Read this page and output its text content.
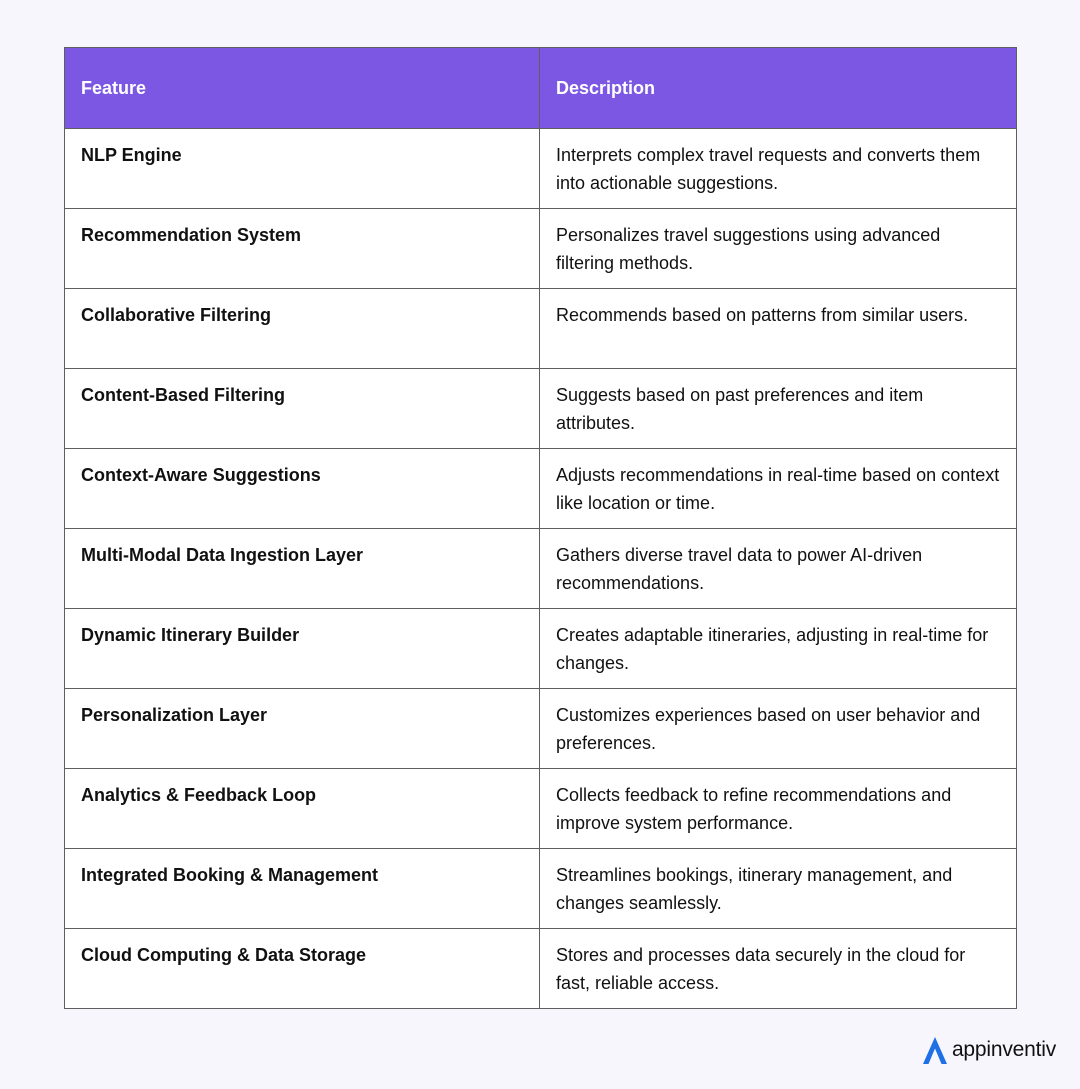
Feature	Description
NLP Engine	Interprets complex travel requests and converts them into actionable suggestions.
Recommendation System	Personalizes travel suggestions using advanced filtering methods.
Collaborative Filtering	Recommends based on patterns from similar users.
Content-Based Filtering	Suggests based on past preferences and item attributes.
Context-Aware Suggestions	Adjusts recommendations in real-time based on context like location or time.
Multi-Modal Data Ingestion Layer	Gathers diverse travel data to power AI-driven recommendations.
Dynamic Itinerary Builder	Creates adaptable itineraries, adjusting in real-time for changes.
Personalization Layer	Customizes experiences based on user behavior and preferences.
Analytics & Feedback Loop	Collects feedback to refine recommendations and improve system performance.
Integrated Booking & Management	Streamlines bookings, itinerary management, and changes seamlessly.
Cloud Computing & Data Storage	Stores and processes data securely in the cloud for fast, reliable access.
appinventiv
